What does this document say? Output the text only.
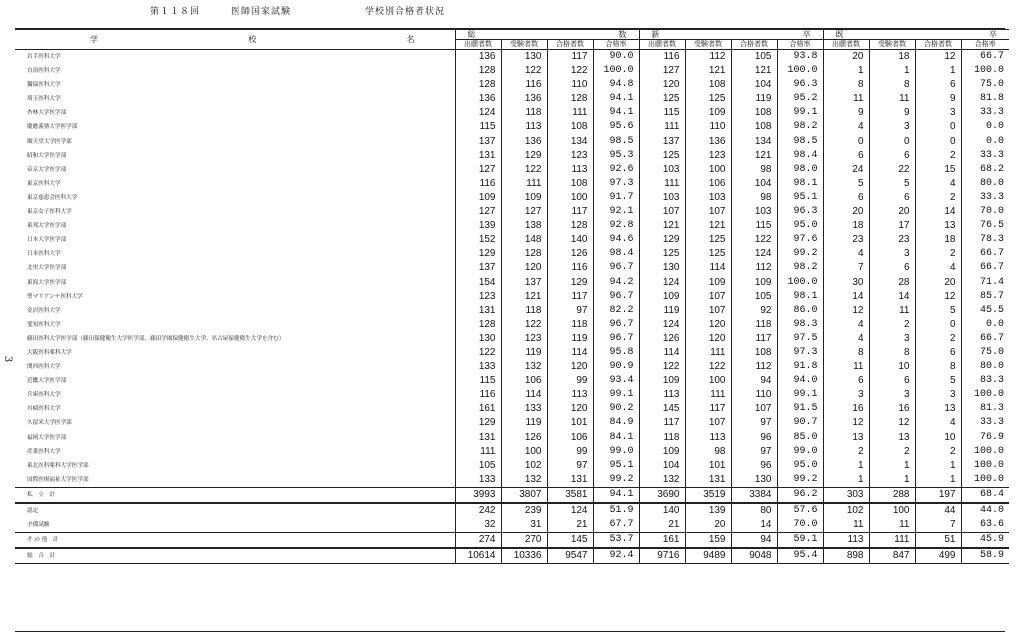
第１１８回	医師国家試験	学校別合格者状況
3
学 校 名	総 数				新 卒				既 卒			

	出願者数	受験者数	合格者数	合格率	出願者数	受験者数	合格者数	合格率	出願者数	受験者数	合格者数	合格率
岩手医科大学	136	130	117	90.0	116	112	105	93.8	20	18	12	66.7
自治医科大学	128	122	122	100.0	127	121	121	100.0	1	1	1	100.0
獨協医科大学	128	116	110	94.8	120	108	104	96.3	8	8	6	75.0
埼玉医科大学	136	136	128	94.1	125	125	119	95.2	11	11	9	81.8
杏林大学医学部	124	118	111	94.1	115	109	108	99.1	9	9	3	33.3
慶應義塾大学医学部	115	113	108	95.6	111	110	108	98.2	4	3	0	0.0
順天堂大学医学部	137	136	134	98.5	137	136	134	98.5	0	0	0	0.0
昭和大学医学部	131	129	123	95.3	125	123	121	98.4	6	6	2	33.3
帝京大学医学部	127	122	113	92.6	103	100	98	98.0	24	22	15	68.2
東京医科大学	116	111	108	97.3	111	106	104	98.1	5	5	4	80.0
東京慈恵会医科大学	109	109	100	91.7	103	103	98	95.1	6	6	2	33.3
東京女子医科大学	127	127	117	92.1	107	107	103	96.3	20	20	14	70.0
東邦大学医学部	139	138	128	92.8	121	121	115	95.0	18	17	13	76.5
日本大学医学部	152	148	140	94.6	129	125	122	97.6	23	23	18	78.3
日本医科大学	129	128	126	98.4	125	125	124	99.2	4	3	2	66.7
北里大学医学部	137	120	116	96.7	130	114	112	98.2	7	6	4	66.7
東海大学医学部	154	137	129	94.2	124	109	109	100.0	30	28	20	71.4
聖マリアンナ医科大学	123	121	117	96.7	109	107	105	98.1	14	14	12	85.7
金沢医科大学	131	118	97	82.2	119	107	92	86.0	12	11	5	45.5
愛知医科大学	128	122	118	96.7	124	120	118	98.3	4	2	0	0.0
藤田医科大学医学部（藤田保健衛生大学医学部、藤田学園保健衛生大学、名古屋保健衛生大学を含む）	130	123	119	96.7	126	120	117	97.5	4	3	2	66.7
大阪医科薬科大学	122	119	114	95.8	114	111	108	97.3	8	8	6	75.0
関西医科大学	133	132	120	90.9	122	122	112	91.8	11	10	8	80.0
近畿大学医学部	115	106	99	93.4	109	100	94	94.0	6	6	5	83.3
兵庫医科大学	116	114	113	99.1	113	111	110	99.1	3	3	3	100.0
川崎医科大学	161	133	120	90.2	145	117	107	91.5	16	16	13	81.3
久留米大学医学部	129	119	101	84.9	117	107	97	90.7	12	12	4	33.3
福岡大学医学部	131	126	106	84.1	118	113	96	85.0	13	13	10	76.9
産業医科大学	111	100	99	99.0	109	98	97	99.0	2	2	2	100.0
東北医科薬科大学医学部	105	102	97	95.1	104	101	96	95.0	1	1	1	100.0
国際医療福祉大学医学部	133	132	131	99.2	132	131	130	99.2	1	1	1	100.0
私　立　計	3993	3807	3581	94.1	3690	3519	3384	96.2	303	288	197	68.4
認定	242	239	124	51.9	140	139	80	57.6	102	100	44	44.0
予備試験	32	31	21	67.7	21	20	14	70.0	11	11	7	63.6
そ の 他　計	274	270	145	53.7	161	159	94	59.1	113	111	51	45.9
総　合　計	10614	10336	9547	92.4	9716	9489	9048	95.4	898	847	499	58.9
